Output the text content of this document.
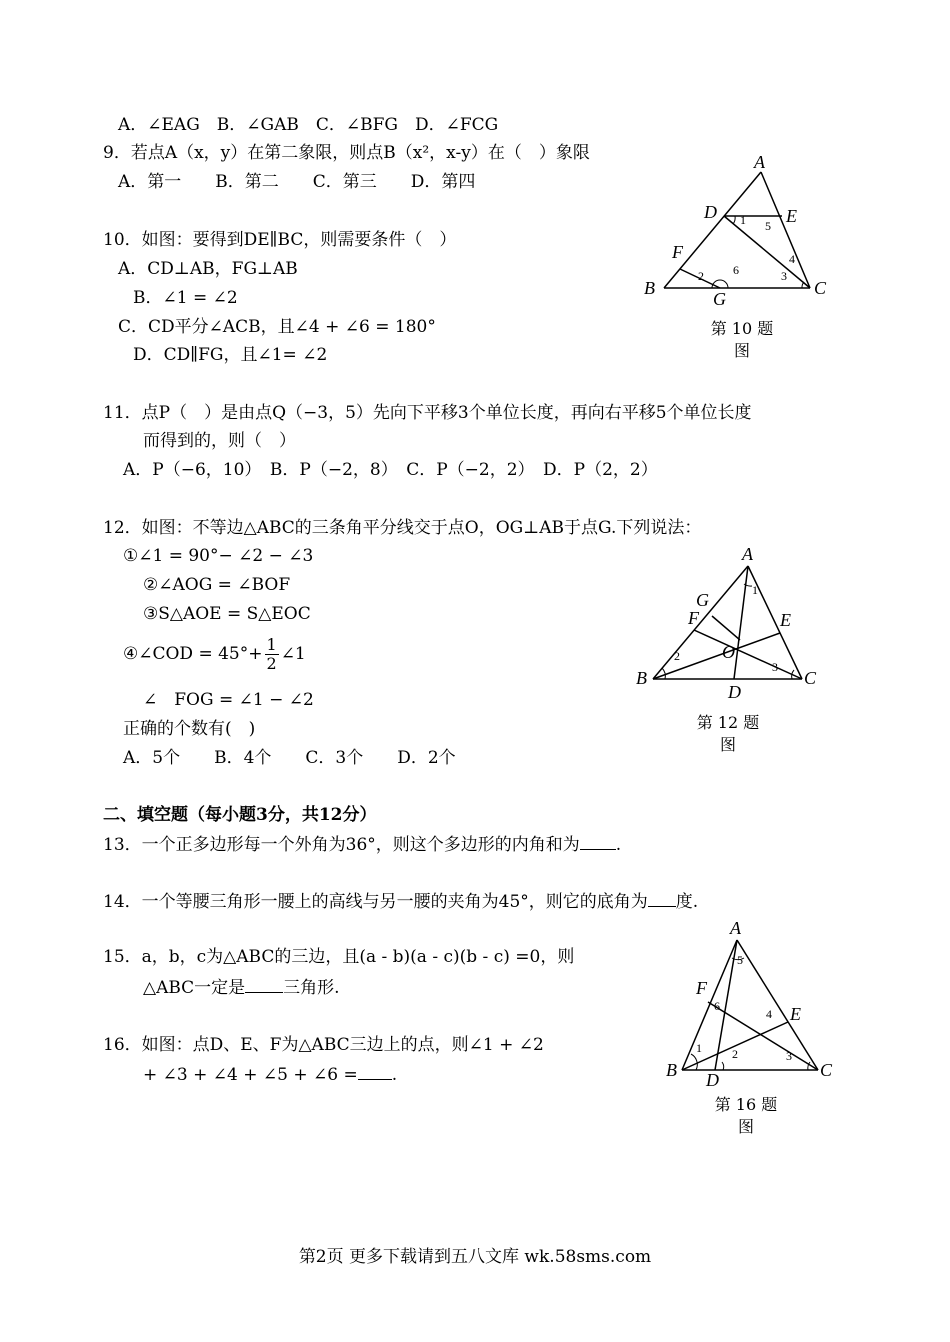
A．∠EAG　B．∠GAB　C．∠BFG　D．∠FCG
9．若点A（x，y）在第二象限，则点B（x²，x-y）在（　）象限
A．第一　　B．第二　　C．第三　　D．第四
10．如图：要得到DE∥BC，则需要条件（　）
A．CD⊥AB，FG⊥AB
B．∠1 = ∠2
C．CD平分∠ACB，且∠4 + ∠6 = 180°
D．CD∥FG，且∠1= ∠2
A
D	E
F
B	C
G
1 5
4
3
2 6
第 10 题
图
11．点P（　）是由点Q（−3，5）先向下平移3个单位长度，再向右平移5个单位长度
而得到的，则（　）
A．P（−6，10）　B．P（−2，8）　C．P（−2，2）　D．P（2，2）
12．如图：不等边△ABC的三条角平分线交于点O，OG⊥AB于点G.下列说法：
①∠1 = 90°− ∠2 − ∠3
②∠AOG = ∠BOF
③S△AOE = S△EOC
④∠COD = $45^\circ+ \frac{1}{2}$ ∠1
∠　FOG = ∠1 − ∠2
正确的个数有(　)
A．5个　　B．4个　　C．3个　　D．2个
A
G
F	E
O
B	C
D
1
2
3
第 12 题
图
二、填空题（每小题3分，共12分）
13．一个正多边形每一个外角为36°，则这个多边形的内角和为 .
14．一个等腰三角形一腰上的高线与另一腰的夹角为45°，则它的底角为 度.
15．a，b，c为△ABC的三边，且(a - b)(a - c)(b - c) =0，则
△ABC一定是 三角形.
16．如图：点D、E、F为△ABC三边上的点，则∠1 + ∠2
+ ∠3 + ∠4 + ∠5 + ∠6 = .
A
F
E
B	C
D
5
6
4
1	2	3
第 16 题
图
第2页 更多下载请到五八文库 wk.58sms.com
